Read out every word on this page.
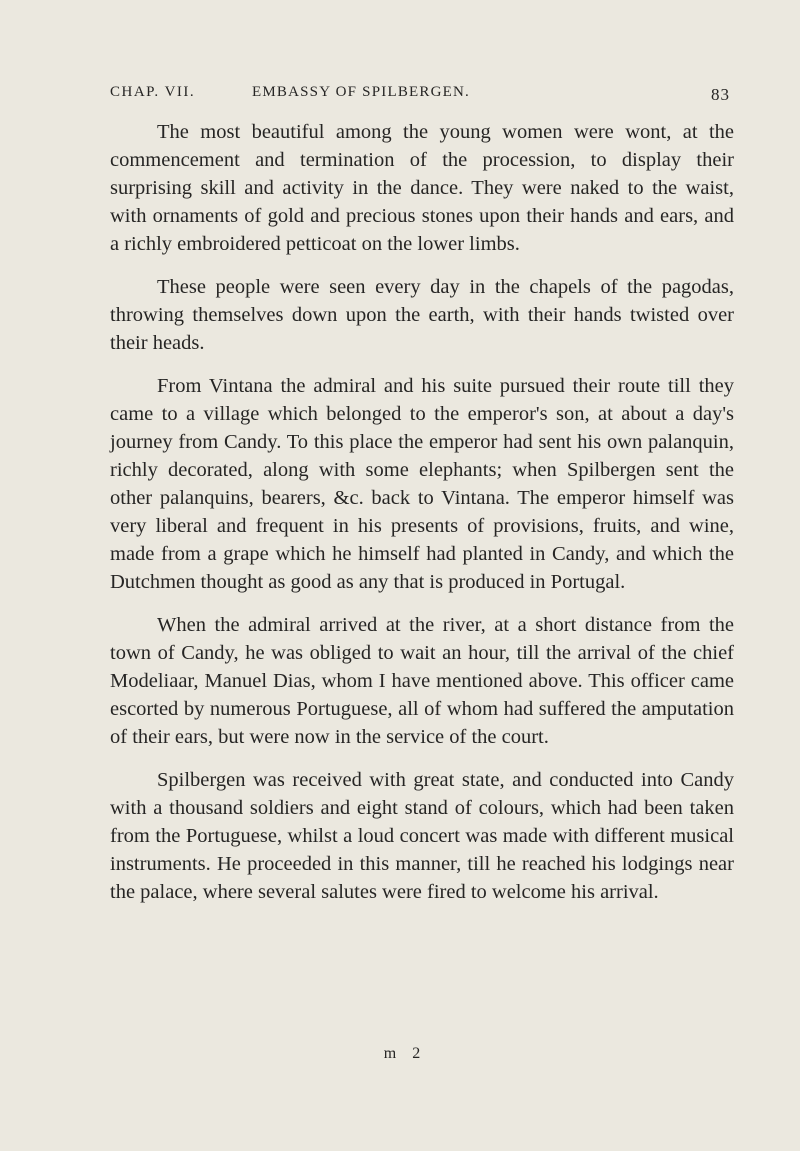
CHAP. VII.	EMBASSY OF SPILBERGEN.	83

The most beautiful among the young women were wont, at the commencement and termination of the procession, to display their surprising skill and activity in the dance. They were naked to the waist, with ornaments of gold and precious stones upon their hands and ears, and a richly embroidered petticoat on the lower limbs.

These people were seen every day in the chapels of the pagodas, throwing themselves down upon the earth, with their hands twisted over their heads.

From Vintana the admiral and his suite pursued their route till they came to a village which belonged to the emperor's son, at about a day's journey from Candy. To this place the emperor had sent his own palanquin, richly decorated, along with some elephants; when Spilbergen sent the other palanquins, bearers, &c. back to Vintana. The emperor himself was very liberal and frequent in his presents of provisions, fruits, and wine, made from a grape which he himself had planted in Candy, and which the Dutchmen thought as good as any that is produced in Portugal.

When the admiral arrived at the river, at a short distance from the town of Candy, he was obliged to wait an hour, till the arrival of the chief Modeliaar, Manuel Dias, whom I have mentioned above. This officer came escorted by numerous Portuguese, all of whom had suffered the amputation of their ears, but were now in the service of the court.

Spilbergen was received with great state, and conducted into Candy with a thousand soldiers and eight stand of colours, which had been taken from the Portuguese, whilst a loud concert was made with different musical instruments. He proceeded in this manner, till he reached his lodgings near the palace, where several salutes were fired to welcome his arrival.

m 2
